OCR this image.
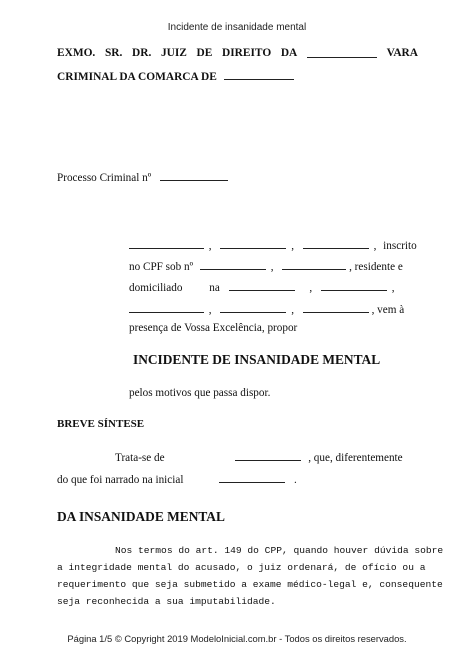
Incidente de insanidade mental
EXMO. SR. DR. JUIZ DE DIREITO DA	VARA
CRIMINAL DA COMARCA DE
Processo Criminal nº
,	,	, inscrito
no CPF sob nº	,	, residente e
domiciliado na	,	,
,	,	, vem à
presença de Vossa Excelência, propor
INCIDENTE DE INSANIDADE MENTAL
pelos motivos que passa dispor.
BREVE SÍNTESE
Trata-se de	, que, diferentemente
do que foi narrado na inicial	.
DA INSANIDADE MENTAL
Nos termos do art. 149 do CPP, quando houver dúvida sobre
a integridade mental do acusado, o juiz ordenará, de ofício ou a
requerimento que seja submetido a exame médico-legal e, consequente
seja reconhecida a sua imputabilidade.
Página 1/5 © Copyright 2019 ModeloInicial.com.br - Todos os direitos reservados.
